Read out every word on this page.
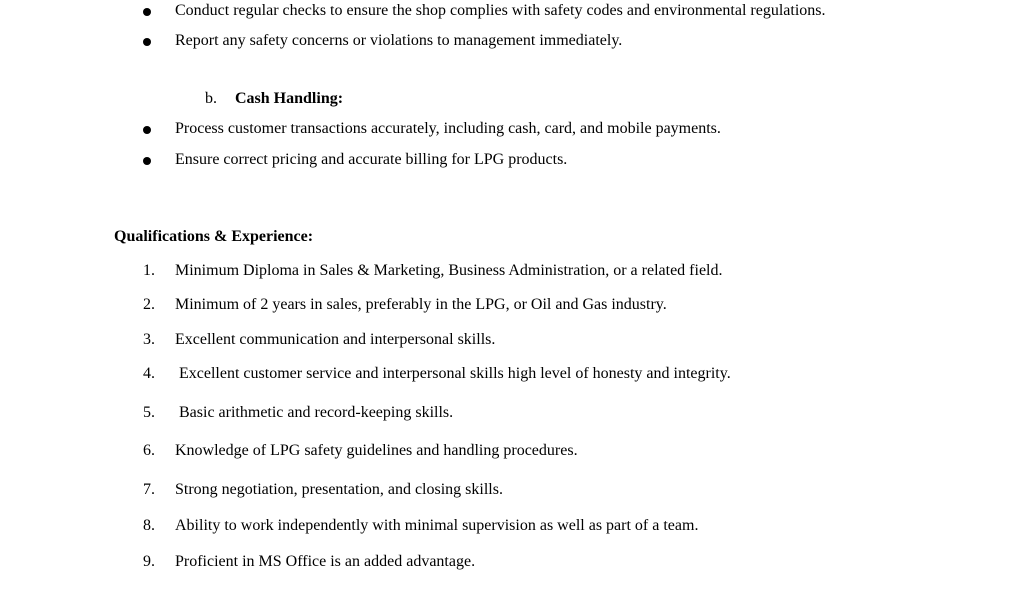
Conduct regular checks to ensure the shop complies with safety codes and environmental regulations.
Report any safety concerns or violations to management immediately.
b. Cash Handling:
Process customer transactions accurately, including cash, card, and mobile payments.
Ensure correct pricing and accurate billing for LPG products.
Qualifications & Experience:
1. Minimum Diploma in Sales & Marketing, Business Administration, or a related field.
2. Minimum of 2 years in sales, preferably in the LPG, or Oil and Gas industry.
3. Excellent communication and interpersonal skills.
4. Excellent customer service and interpersonal skills high level of honesty and integrity.
5. Basic arithmetic and record-keeping skills.
6. Knowledge of LPG safety guidelines and handling procedures.
7. Strong negotiation, presentation, and closing skills.
8. Ability to work independently with minimal supervision as well as part of a team.
9. Proficient in MS Office is an added advantage.
